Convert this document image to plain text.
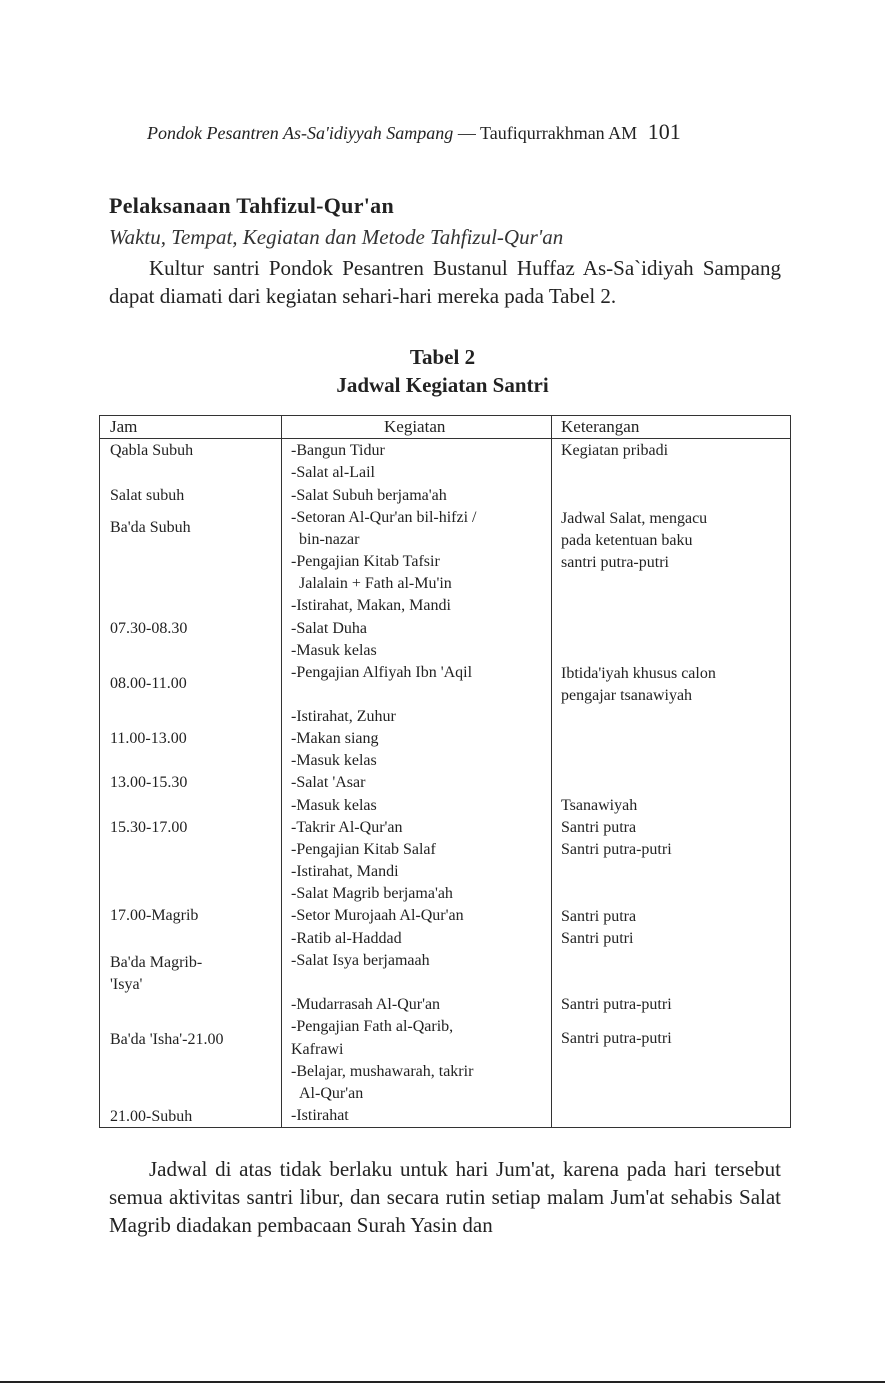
Pondok Pesantren As-Sa'idiyyah Sampang — Taufiqurrakhman AM 101
Pelaksanaan Tahfizul-Qur'an
Waktu, Tempat, Kegiatan dan Metode Tahfizul-Qur'an

Kultur santri Pondok Pesantren Bustanul Huffaz As-Sa`idiyah Sampang dapat diamati dari kegiatan sehari-hari mereka pada Tabel 2.

Tabel 2
Jadwal Kegiatan Santri
Jam	Kegiatan	Keterangan
Qabla Subuh
Salat subuh
Ba'da Subuh
07.30-08.30
08.00-11.00
11.00-13.00
13.00-15.30
15.30-17.00
17.00-Magrib
Ba'da Magrib-
'Isya'
Ba'da 'Isha'-21.00
21.00-Subuh
-Bangun Tidur
-Salat al-Lail
-Salat Subuh berjama'ah
-Setoran Al-Qur'an bil-hifzi /
bin-nazar
-Pengajian Kitab Tafsir
Jalalain + Fath al-Mu'in
-Istirahat, Makan, Mandi
-Salat Duha
-Masuk kelas
-Pengajian Alfiyah Ibn 'Aqil
-Istirahat, Zuhur
-Makan siang
-Masuk kelas
-Salat 'Asar
-Masuk kelas
-Takrir Al-Qur'an
-Pengajian Kitab Salaf
-Istirahat, Mandi
-Salat Magrib berjama'ah
-Setor Murojaah Al-Qur'an
-Ratib al-Haddad
-Salat Isya berjamaah
-Mudarrasah Al-Qur'an
-Pengajian Fath al-Qarib,
Kafrawi
-Belajar, mushawarah, takrir
Al-Qur'an
-Istirahat
Kegiatan pribadi
Jadwal Salat, mengacu
pada ketentuan baku
santri putra-putri
Ibtida'iyah khusus calon
pengajar tsanawiyah
Tsanawiyah
Santri putra
Santri putra-putri
Santri putra
Santri putri
Santri putra-putri
Santri putra-putri

Jadwal di atas tidak berlaku untuk hari Jum'at, karena pada hari tersebut semua aktivitas santri libur, dan secara rutin setiap malam Jum'at sehabis Salat Magrib diadakan pembacaan Surah Yasin dan
